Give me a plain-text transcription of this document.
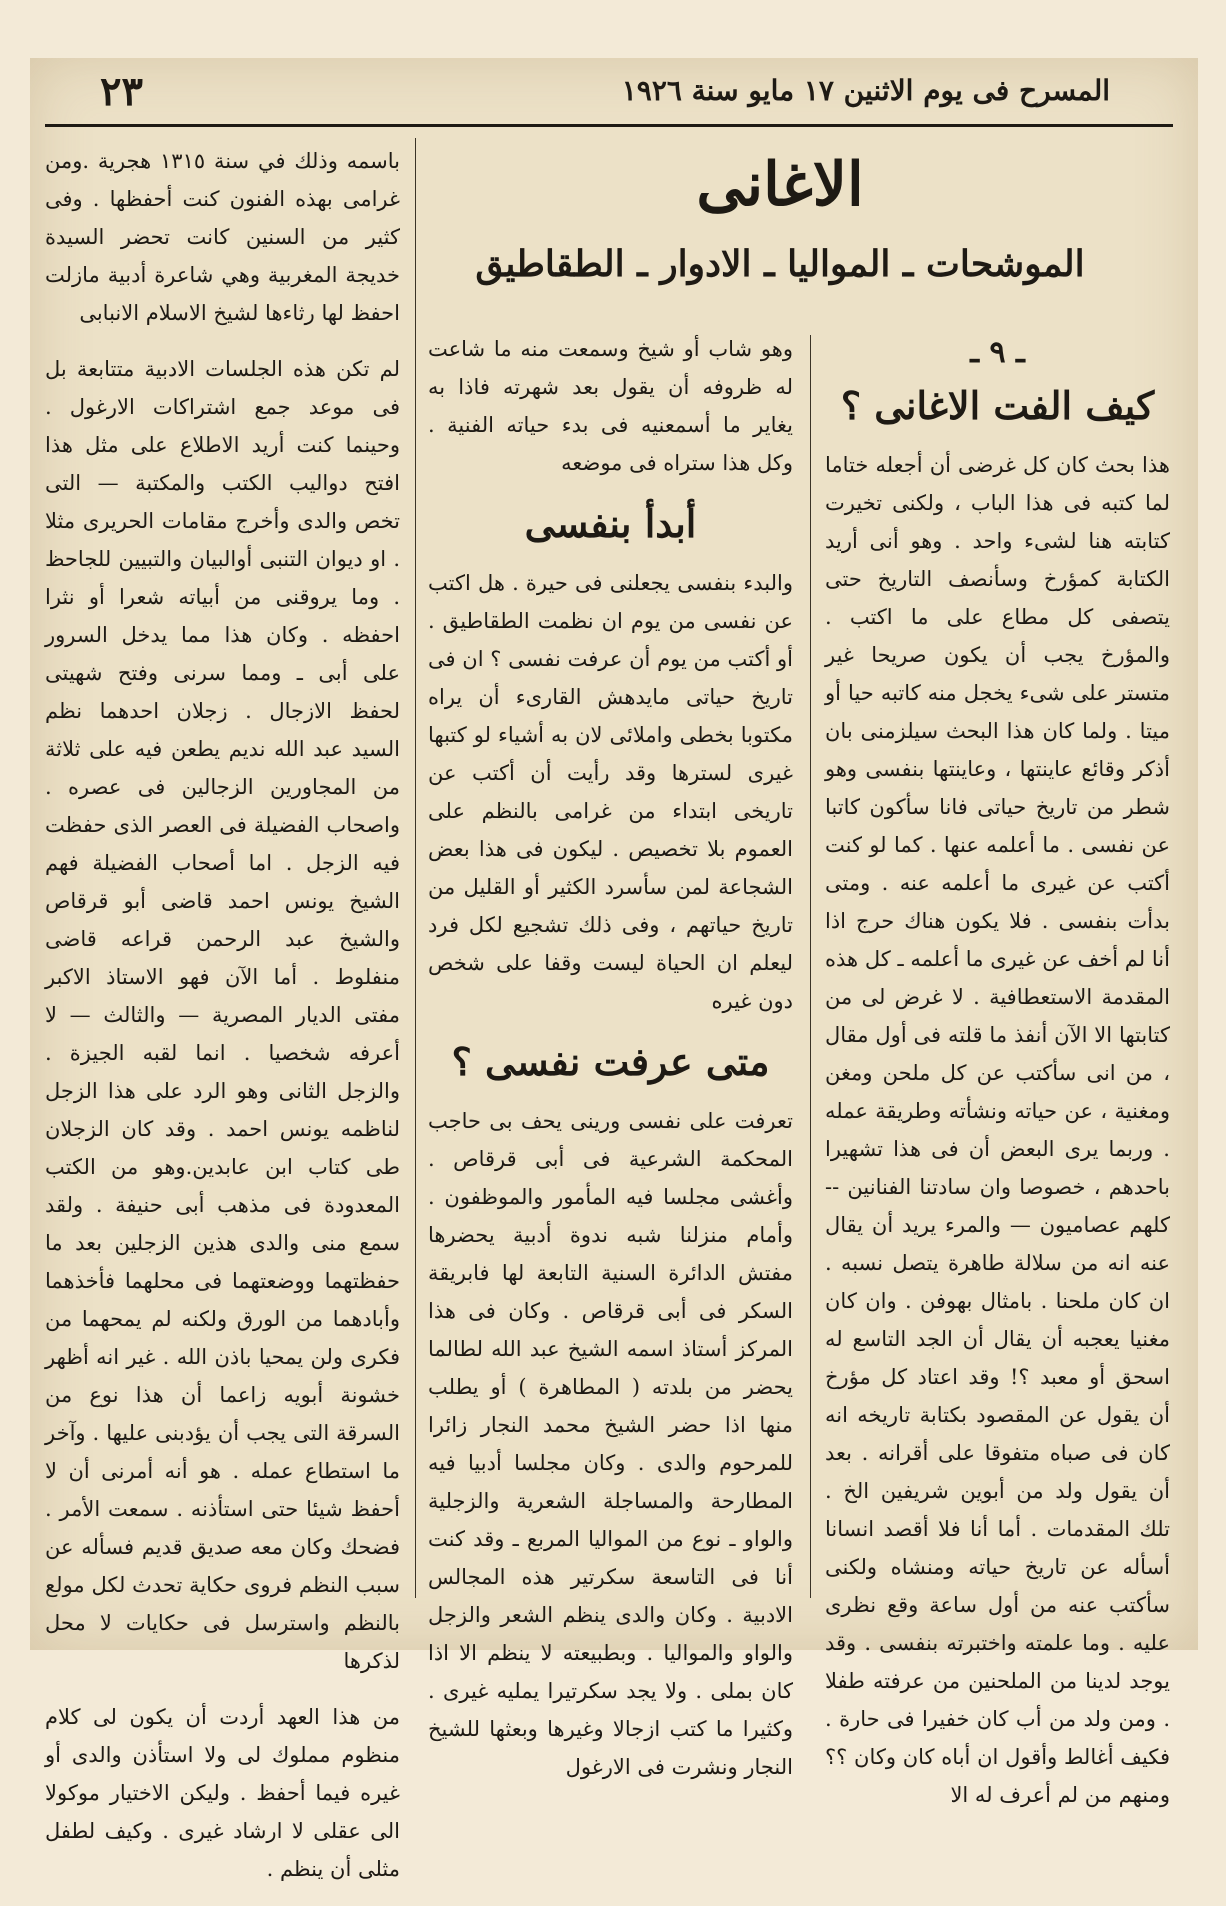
٢٣	المسرح فى يوم الاثنين ١٧ مايو سنة ١٩٢٦
الاغانى
الموشحات ـ المواليا ـ الادوار ـ الطقاطيق
ـ ٩ ـ
كيف الفت الاغانى ؟

هذا بحث كان كل غرضى أن أجعله ختاما لما كتبه فى هذا الباب ، ولكنى تخيرت كتابته هنا لشىء واحد . وهو أنى أريد الكتابة كمؤرخ وسأنصف التاريخ حتى يتصفى كل مطاع على ما اكتب . والمؤرخ يجب أن يكون صريحا غير متستر على شىء يخجل منه كاتبه حيا أو ميتا . ولما كان هذا البحث سيلزمنى بان أذكر وقائع عاينتها ، وعاينتها بنفسى وهو شطر من تاريخ حياتى فانا سأكون كاتبا عن نفسى . ما أعلمه عنها . كما لو كنت أكتب عن غيرى ما أعلمه عنه . ومتى بدأت بنفسى . فلا يكون هناك حرج اذا أنا لم أخف عن غيرى ما أعلمه ـ كل هذه المقدمة الاستعطافية . لا غرض لى من كتابتها الا الآن أنفذ ما قلته فى أول مقال ، من انى سأكتب عن كل ملحن ومغن ومغنية ، عن حياته ونشأته وطريقة عمله . وربما يرى البعض أن فى هذا تشهيرا باحدهم ، خصوصا وان سادتنا الفنانين -- كلهم عصاميون — والمرء يريد أن يقال عنه انه من سلالة طاهرة يتصل نسبه . ان كان ملحنا . بامثال بهوفن . وان كان مغنيا يعجبه أن يقال أن الجد التاسع له اسحق أو معبد ؟! وقد اعتاد كل مؤرخ أن يقول عن المقصود بكتابة تاريخه انه كان فى صباه متفوقا على أقرانه . بعد أن يقول ولد من أبوين شريفين الخ . تلك المقدمات . أما أنا فلا أقصد انسانا أسأله عن تاريخ حياته ومنشاه ولكنى سأكتب عنه من أول ساعة وقع نظرى عليه . وما علمته واختبرته بنفسى . وقد يوجد لدينا من الملحنين من عرفته طفلا . ومن ولد من أب كان خفيرا فى حارة . فكيف أغالط وأقول ان أباه كان وكان ؟؟ ومنهم من لم أعرف له الا

وهو شاب أو شيخ وسمعت منه ما شاعت له ظروفه أن يقول بعد شهرته فاذا به يغاير ما أسمعنيه فى بدء حياته الفنية . وكل هذا ستراه فى موضعه

أبدأ بنفسى

والبدء بنفسى يجعلنى فى حيرة . هل اكتب عن نفسى من يوم ان نظمت الطقاطيق . أو أكتب من يوم أن عرفت نفسى ؟ ان فى تاريخ حياتى مايدهش القارىء أن يراه مكتوبا بخطى واملائى لان به أشياء لو كتبها غيرى لسترها وقد رأيت أن أكتب عن تاريخى ابتداء من غرامى بالنظم على العموم بلا تخصيص . ليكون فى هذا بعض الشجاعة لمن سأسرد الكثير أو القليل من تاريخ حياتهم ، وفى ذلك تشجيع لكل فرد ليعلم ان الحياة ليست وقفا على شخص دون غيره

متى عرفت نفسى ؟

تعرفت على نفسى ورينى يحف بى حاجب المحكمة الشرعية فى أبى قرقاص . وأغشى مجلسا فيه المأمور والموظفون . وأمام منزلنا شبه ندوة أدبية يحضرها مفتش الدائرة السنية التابعة لها فابريقة السكر فى أبى قرقاص . وكان فى هذا المركز أستاذ اسمه الشيخ عبد الله لطالما يحضر من بلدته ( المطاهرة ) أو يطلب منها اذا حضر الشيخ محمد النجار زائرا للمرحوم والدى . وكان مجلسا أدبيا فيه المطارحة والمساجلة الشعرية والزجلية والواو ـ نوع من المواليا المربع ـ وقد كنت أنا فى التاسعة سكرتير هذه المجالس الادبية . وكان والدى ينظم الشعر والزجل والواو والمواليا . وبطبيعته لا ينظم الا اذا كان بملى . ولا يجد سكرتيرا يمليه غيرى . وكثيرا ما كتب ازجالا وغيرها وبعثها للشيخ النجار ونشرت فى الارغول

باسمه وذلك في سنة ١٣١٥ هجرية .ومن غرامى بهذه الفنون كنت أحفظها . وفى كثير من السنين كانت تحضر السيدة خديجة المغربية وهي شاعرة أدبية مازلت احفظ لها رثاءها لشيخ الاسلام الانبابى

لم تكن هذه الجلسات الادبية متتابعة بل فى موعد جمع اشتراكات الارغول . وحينما كنت أريد الاطلاع على مثل هذا افتح دواليب الكتب والمكتبة — التى تخص والدى وأخرج مقامات الحريرى مثلا . او ديوان التنبى أوالبيان والتبيين للجاحظ . وما يروقنى من أبياته شعرا أو نثرا احفظه . وكان هذا مما يدخل السرور على أبى ـ ومما سرنى وفتح شهيتى لحفظ الازجال . زجلان احدهما نظم السيد عبد الله نديم يطعن فيه على ثلاثة من المجاورين الزجالين فى عصره . واصحاب الفضيلة فى العصر الذى حفظت فيه الزجل . اما أصحاب الفضيلة فهم الشيخ يونس احمد قاضى أبو قرقاص والشيخ عبد الرحمن قراعه قاضى منفلوط . أما الآن فهو الاستاذ الاكبر مفتى الديار المصرية — والثالث — لا أعرفه شخصيا . انما لقبه الجيزة . والزجل الثانى وهو الرد على هذا الزجل لناظمه يونس احمد . وقد كان الزجلان طى كتاب ابن عابدين.وهو من الكتب المعدودة فى مذهب أبى حنيفة . ولقد سمع منى والدى هذين الزجلين بعد ما حفظتهما ووضعتهما فى محلهما فأخذهما وأبادهما من الورق ولكنه لم يمحهما من فكرى ولن يمحيا باذن الله . غير انه أظهر خشونة أبويه زاعما أن هذا نوع من السرقة التى يجب أن يؤدبنى عليها . وآخر ما استطاع عمله . هو أنه أمرنى أن لا أحفظ شيئا حتى استأذنه . سمعت الأمر . فضحك وكان معه صديق قديم فسأله عن سبب النظم فروى حكاية تحدث لكل مولع بالنظم واسترسل فى حكايات لا محل لذكرها

من هذا العهد أردت أن يكون لى كلام منظوم مملوك لى ولا استأذن والدى أو غيره فيما أحفظ . وليكن الاختيار موكولا الى عقلى لا ارشاد غيرى . وكيف لطفل مثلى أن ينظم .
